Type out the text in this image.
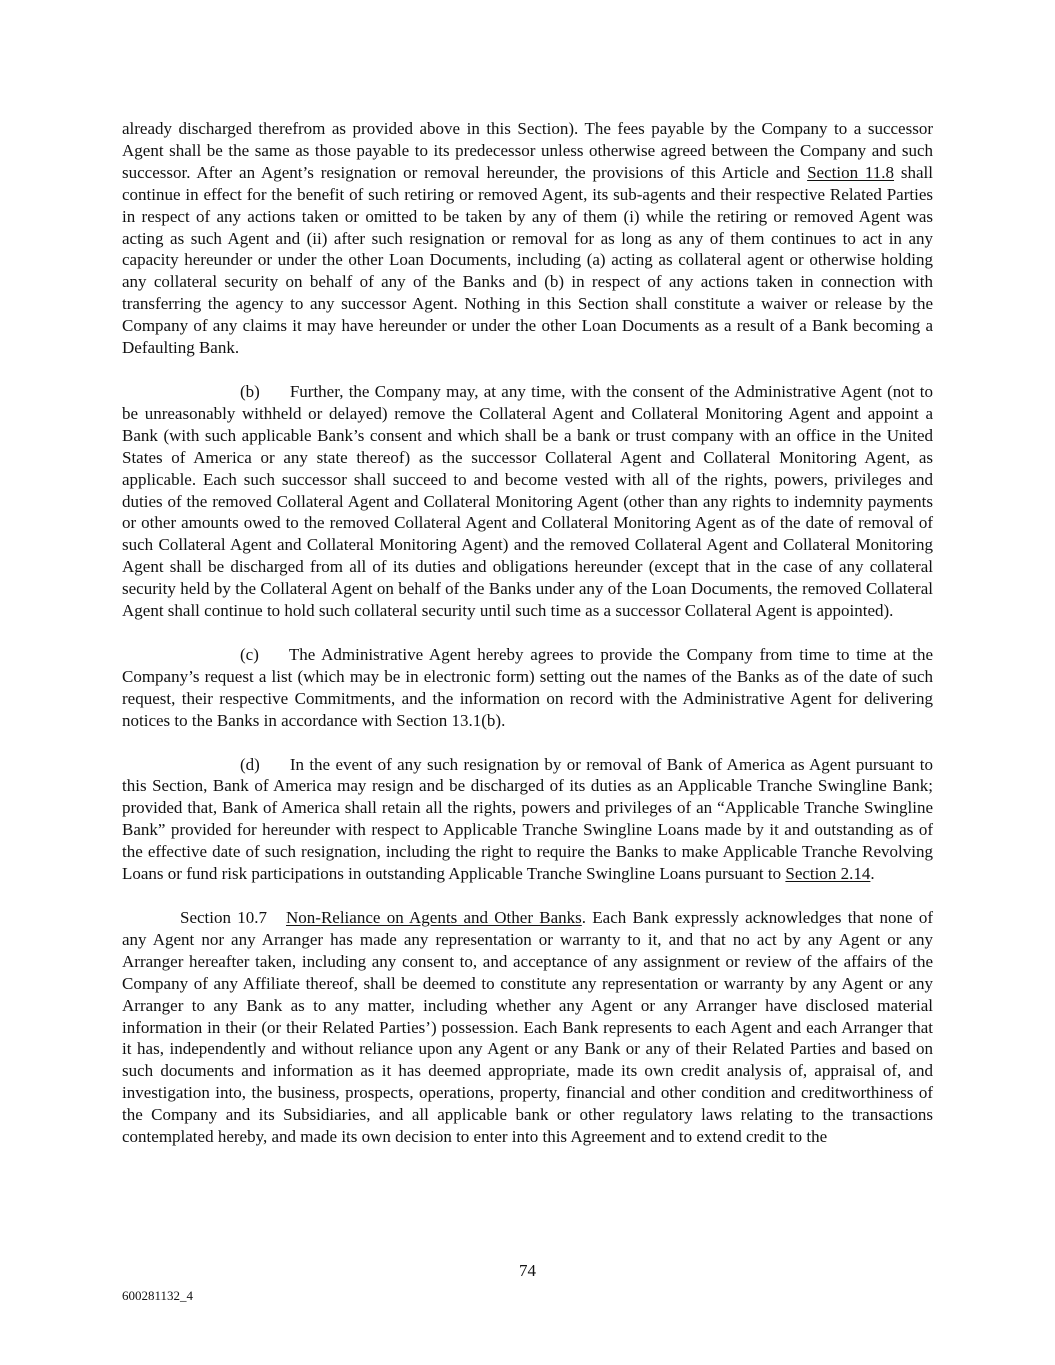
already discharged therefrom as provided above in this Section). The fees payable by the Company to a successor Agent shall be the same as those payable to its predecessor unless otherwise agreed between the Company and such successor. After an Agent’s resignation or removal hereunder, the provisions of this Article and Section 11.8 shall continue in effect for the benefit of such retiring or removed Agent, its sub-agents and their respective Related Parties in respect of any actions taken or omitted to be taken by any of them (i) while the retiring or removed Agent was acting as such Agent and (ii) after such resignation or removal for as long as any of them continues to act in any capacity hereunder or under the other Loan Documents, including (a) acting as collateral agent or otherwise holding any collateral security on behalf of any of the Banks and (b) in respect of any actions taken in connection with transferring the agency to any successor Agent. Nothing in this Section shall constitute a waiver or release by the Company of any claims it may have hereunder or under the other Loan Documents as a result of a Bank becoming a Defaulting Bank.

(b) Further, the Company may, at any time, with the consent of the Administrative Agent (not to be unreasonably withheld or delayed) remove the Collateral Agent and Collateral Monitoring Agent and appoint a Bank (with such applicable Bank’s consent and which shall be a bank or trust company with an office in the United States of America or any state thereof) as the successor Collateral Agent and Collateral Monitoring Agent, as applicable. Each such successor shall succeed to and become vested with all of the rights, powers, privileges and duties of the removed Collateral Agent and Collateral Monitoring Agent (other than any rights to indemnity payments or other amounts owed to the removed Collateral Agent and Collateral Monitoring Agent as of the date of removal of such Collateral Agent and Collateral Monitoring Agent) and the removed Collateral Agent and Collateral Monitoring Agent shall be discharged from all of its duties and obligations hereunder (except that in the case of any collateral security held by the Collateral Agent on behalf of the Banks under any of the Loan Documents, the removed Collateral Agent shall continue to hold such collateral security until such time as a successor Collateral Agent is appointed).

(c) The Administrative Agent hereby agrees to provide the Company from time to time at the Company’s request a list (which may be in electronic form) setting out the names of the Banks as of the date of such request, their respective Commitments, and the information on record with the Administrative Agent for delivering notices to the Banks in accordance with Section 13.1(b).

(d) In the event of any such resignation by or removal of Bank of America as Agent pursuant to this Section, Bank of America may resign and be discharged of its duties as an Applicable Tranche Swingline Bank; provided that, Bank of America shall retain all the rights, powers and privileges of an “Applicable Tranche Swingline Bank” provided for hereunder with respect to Applicable Tranche Swingline Loans made by it and outstanding as of the effective date of such resignation, including the right to require the Banks to make Applicable Tranche Revolving Loans or fund risk participations in outstanding Applicable Tranche Swingline Loans pursuant to Section 2.14.

Section 10.7 Non-Reliance on Agents and Other Banks. Each Bank expressly acknowledges that none of any Agent nor any Arranger has made any representation or warranty to it, and that no act by any Agent or any Arranger hereafter taken, including any consent to, and acceptance of any assignment or review of the affairs of the Company of any Affiliate thereof, shall be deemed to constitute any representation or warranty by any Agent or any Arranger to any Bank as to any matter, including whether any Agent or any Arranger have disclosed material information in their (or their Related Parties’) possession. Each Bank represents to each Agent and each Arranger that it has, independently and without reliance upon any Agent or any Bank or any of their Related Parties and based on such documents and information as it has deemed appropriate, made its own credit analysis of, appraisal of, and investigation into, the business, prospects, operations, property, financial and other condition and creditworthiness of the Company and its Subsidiaries, and all applicable bank or other regulatory laws relating to the transactions contemplated hereby, and made its own decision to enter into this Agreement and to extend credit to the

74
600281132_4
